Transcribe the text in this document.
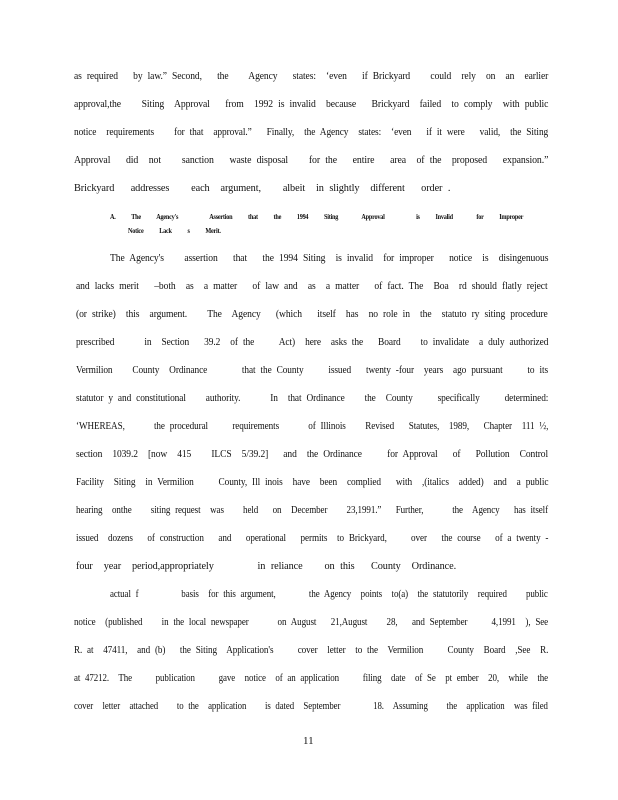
as required   by law.” Second,   the    Agency   states:  ‘even   if Brickyard    could  rely  on  an  earlier
approval,the    Siting  Approval   from  1992 is invalid  because   Brickyard  failed  to comply  with public
notice  requirements    for that  approval.”   Finally,  the Agency  states:  ‘even   if it were   valid,  the Siting
Approval   did  not    sanction   waste disposal    for the   entire   area  of the  proposed   expansion.”
Brickyard   addresses    each  argument,    albeit  in slightly  different   order .
A.  The  Agency's    Assertion  that  the  1994  Siting   Approval    is  Invalid   for  Improper
Notice  Lack  s  Merit.
The Agency's    assertion   that   the 1994 Siting  is invalid  for improper   notice  is  disingenuous
and lacks merit   –both  as  a matter   of law and  as  a matter   of fact. The  Boa  rd should flatly reject
(or strike)  this  argument.    The  Agency   (which   itself  has  no role in  the  statuto ry siting procedure
prescribed      in  Section   39.2  of the     Act)  here  asks the   Board    to invalidate  a duly authorized
Vermilion    County  Ordinance       that the County     issued   twenty -four  years  ago pursuant     to its
statutor y and constitutional    authority.      In  that Ordinance    the  County     specifically     determined:
‘WHEREAS,      the procedural     requirements      of Illinois    Revised   Statutes,  1989,   Chapter  111 ½,
section  1039.2  [now  415    ILCS  5/39.2]   and  the Ordinance     for Approval   of   Pollution  Control
Facility  Siting  in Vermilion     County, Ill inois  have  been  complied   with  ,(italics  added)  and  a public
hearing  onthe    siting request  was    held   on  December    23,1991.”   Further,      the  Agency   has itself
issued  dozens   of construction   and   operational   permits  to Brickyard,     over   the course   of a twenty -
four  year  period,appropriately        in reliance    on this   County  Ordinance.
actual f         basis  for this argument,       the Agency  points  to(a)  the statutorily  required    public
notice  (published    in the local newspaper      on August   21,August    28,   and September     4,1991  ), See
R. at  47411,  and (b)   the Siting  Application's     cover  letter  to the  Vermilion     County  Board  ,See  R.
at 47212.  The     publication     gave  notice  of an application     filing  date  of Se  pt ember  20,  while  the
cover  letter  attached    to the  application    is dated  September       18.  Assuming    the  application  was filed
11
